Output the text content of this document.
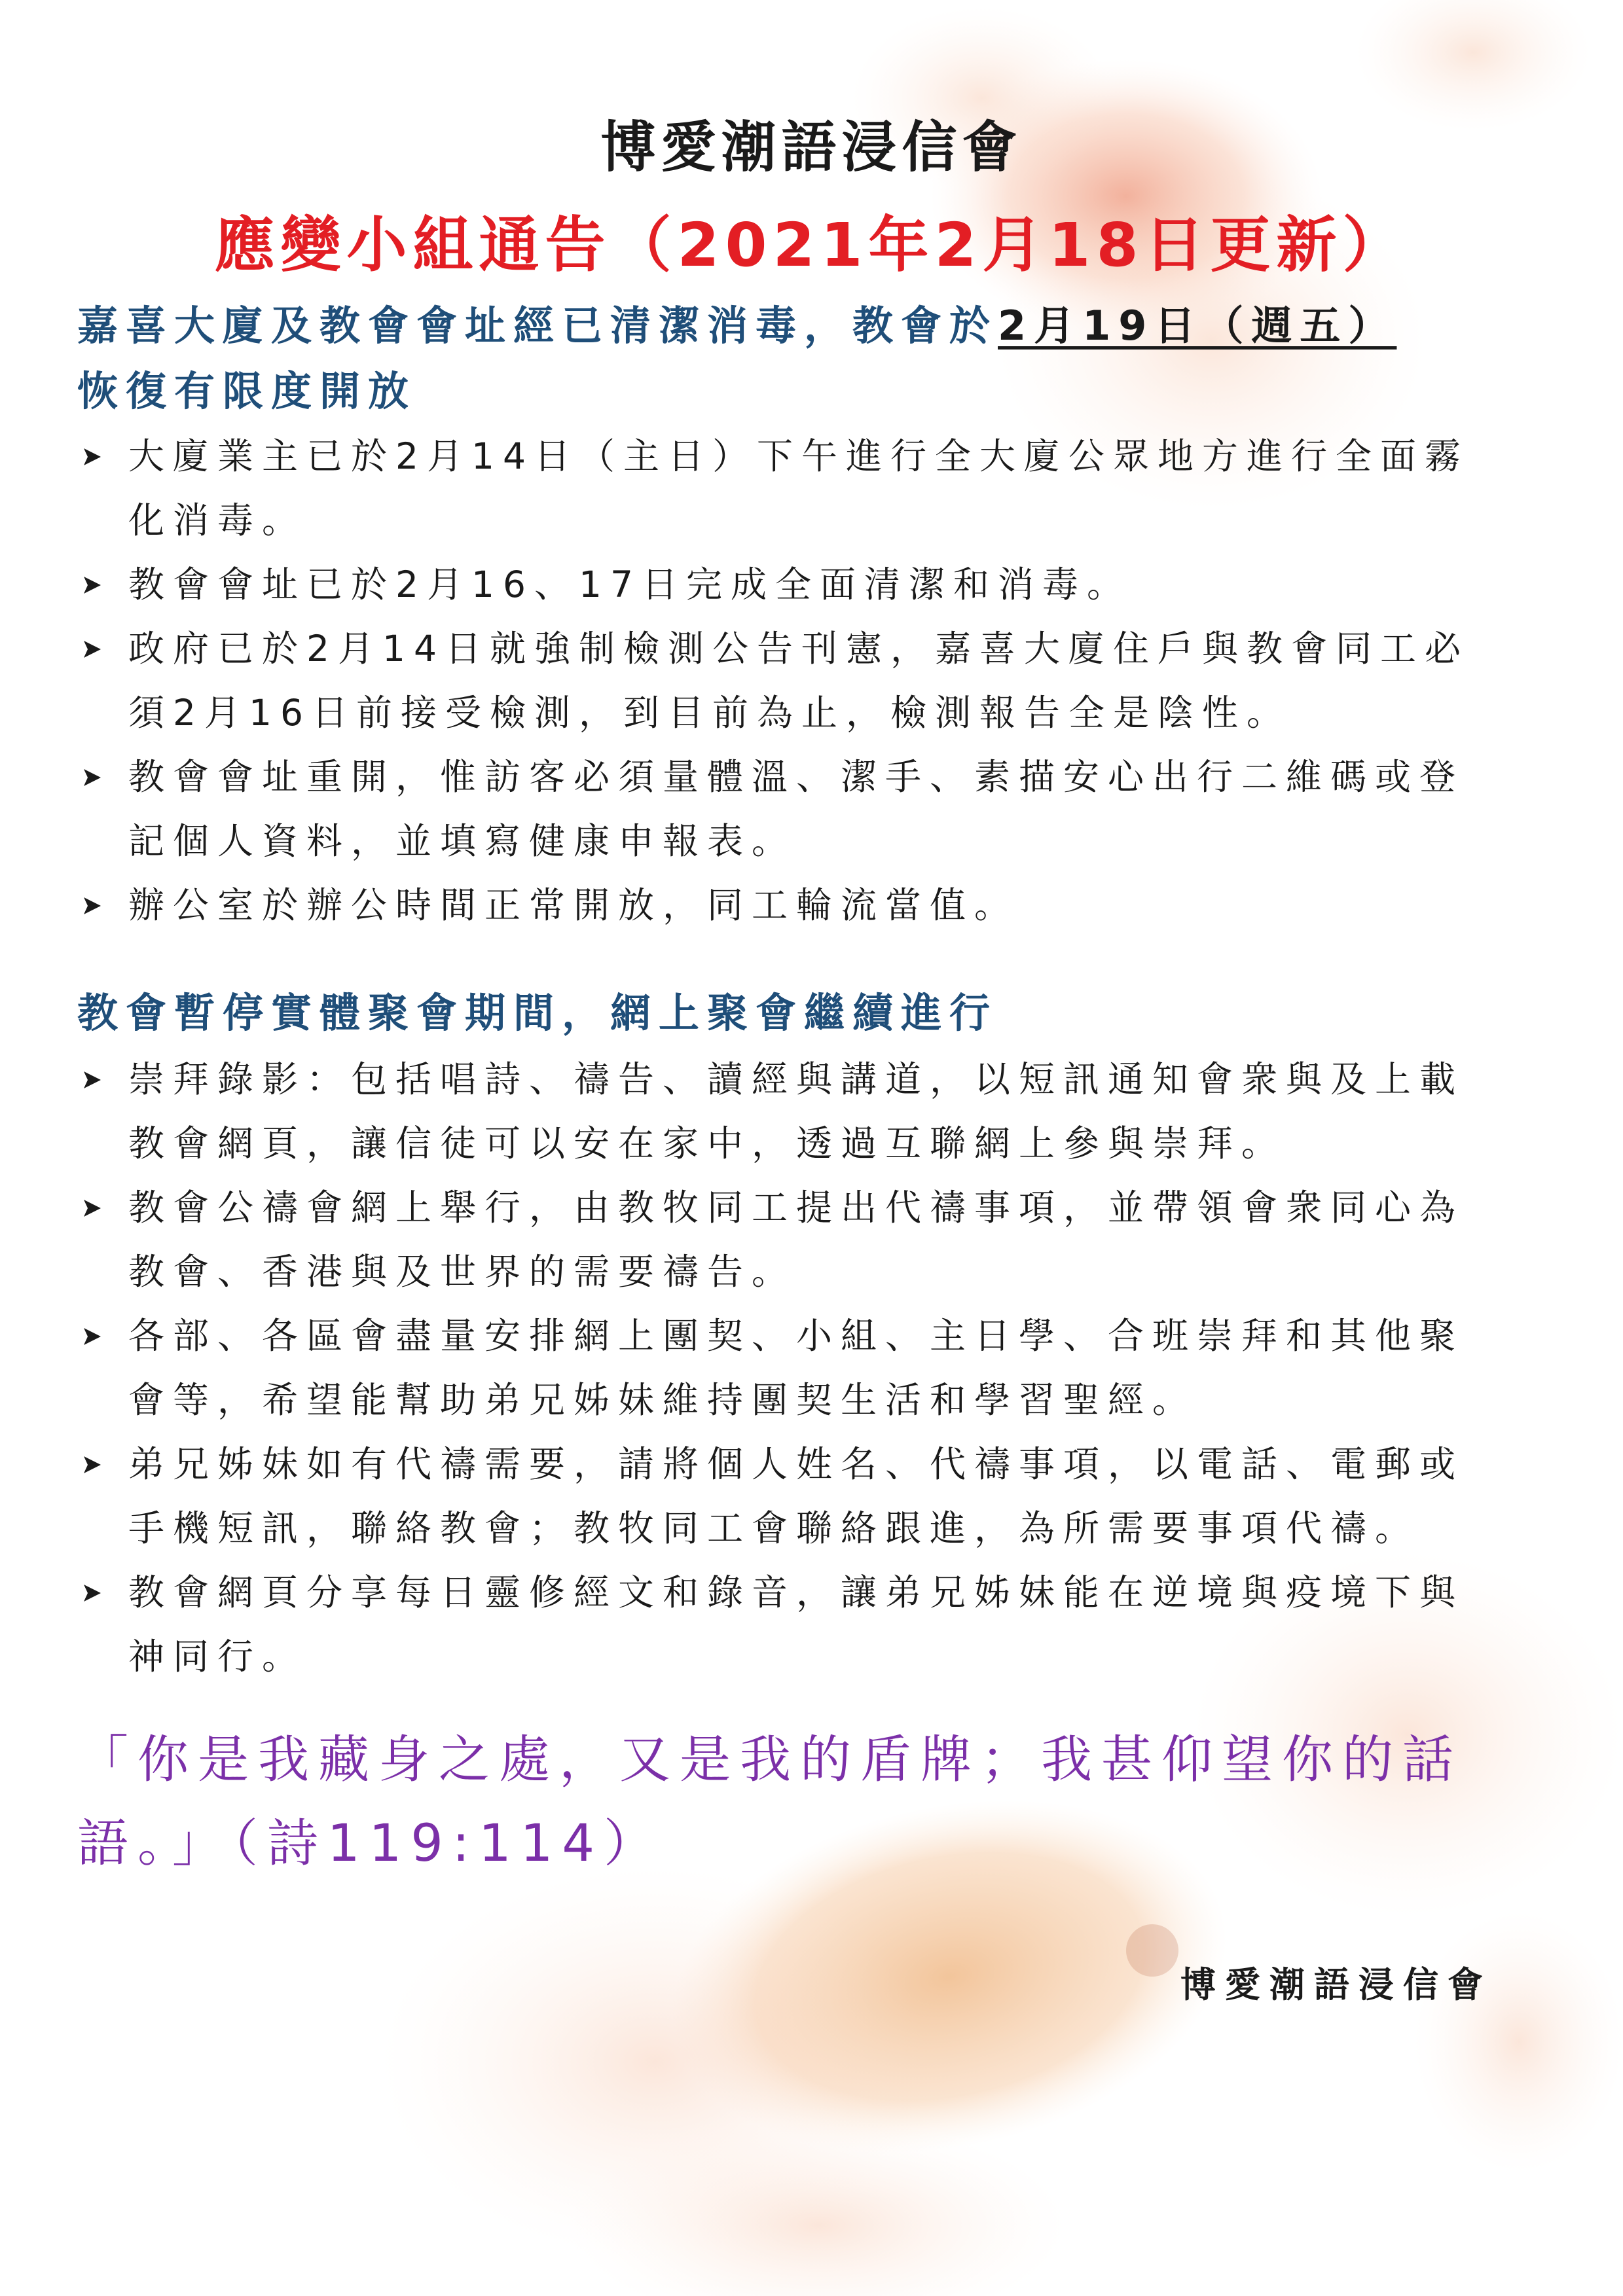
博愛潮語浸信會
應變小組通告（2021年2月18日更新）
嘉喜大廈及教會會址經已清潔消毒，教會於2月19日（週五）
恢復有限度開放
大廈業主已於2月14日（主日）下午進行全大廈公眾地方進行全面霧化消毒。
教會會址已於2月16、17日完成全面清潔和消毒。
政府已於2月14日就強制檢測公告刊憲，嘉喜大廈住戶與教會同工必須2月16日前接受檢測，到目前為止，檢測報告全是陰性。
教會會址重開，惟訪客必須量體溫、潔手、素描安心出行二維碼或登記個人資料，並填寫健康申報表。
辦公室於辦公時間正常開放，同工輪流當值。
教會暫停實體聚會期間，網上聚會繼續進行
崇拜錄影：包括唱詩、禱告、讀經與講道，以短訊通知會衆與及上載教會網頁，讓信徒可以安在家中，透過互聯網上參與崇拜。
教會公禱會網上舉行，由教牧同工提出代禱事項，並帶領會衆同心為教會、香港與及世界的需要禱告。
各部、各區會盡量安排網上團契、小組、主日學、合班崇拜和其他聚會等，希望能幫助弟兄姊妹維持團契生活和學習聖經。
弟兄姊妹如有代禱需要，請將個人姓名、代禱事項，以電話、電郵或手機短訊，聯絡教會；教牧同工會聯絡跟進，為所需要事項代禱。
教會網頁分享每日靈修經文和錄音，讓弟兄姊妹能在逆境與疫境下與　神同行。
「你是我藏身之處，又是我的盾牌；我甚仰望你的話語。」（詩119:114）
博愛潮語浸信會
